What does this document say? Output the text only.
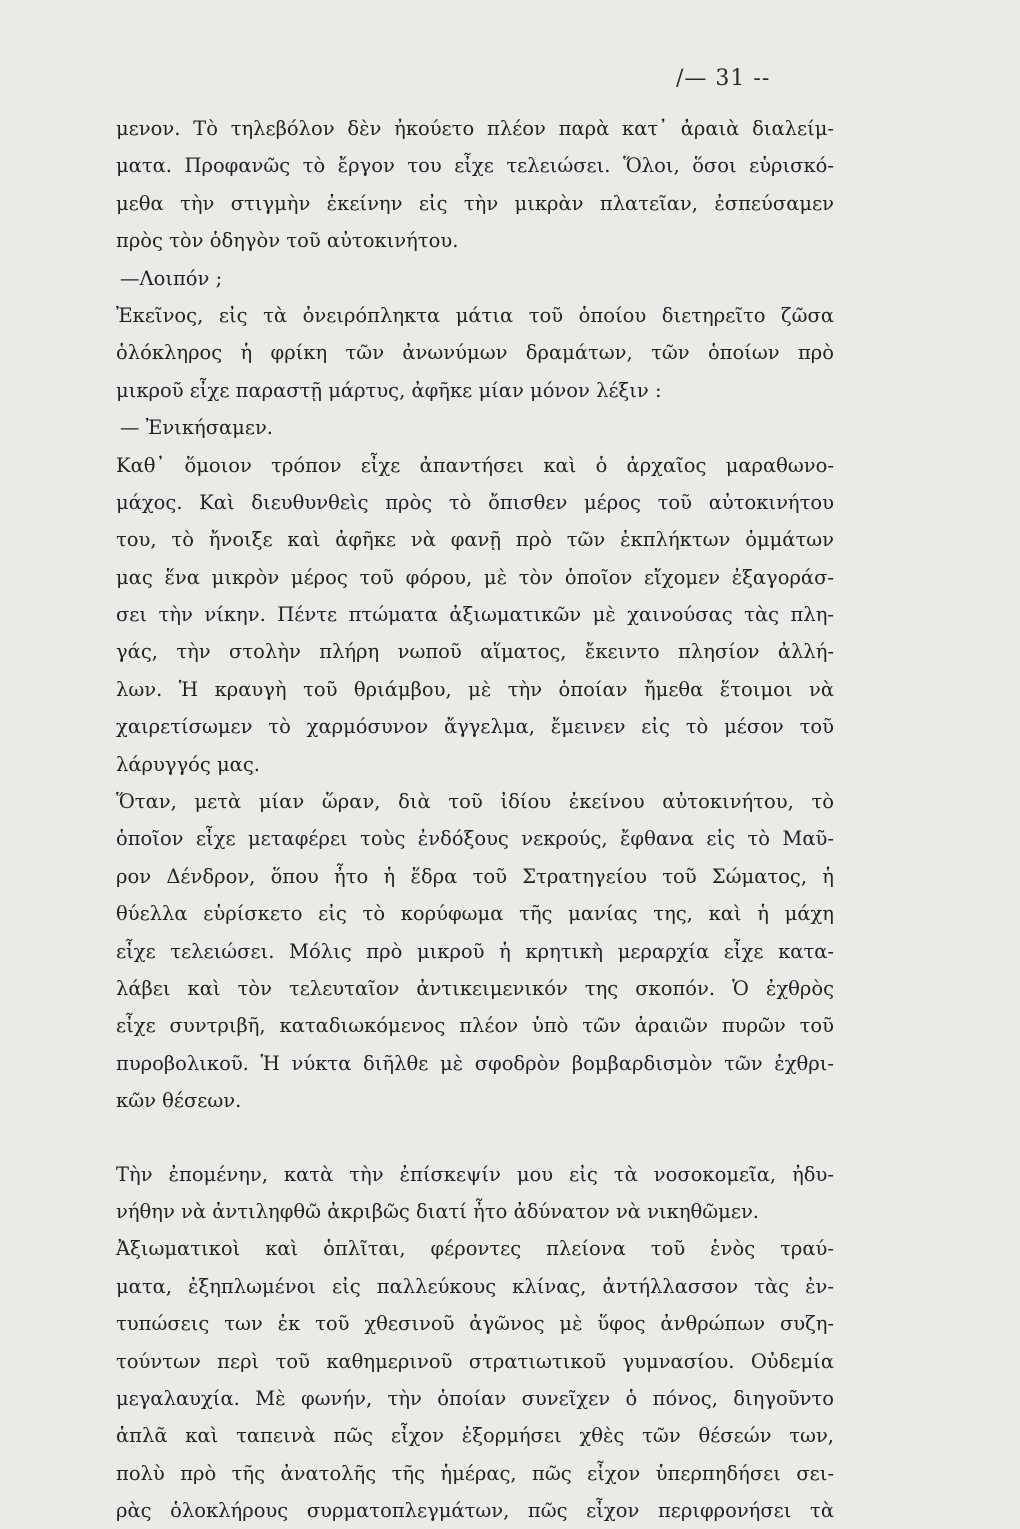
/— 31 --
μενον. Τὸ τηλεβόλον δὲν ἠκούετο πλέον παρὰ κατ᾿ ἀραιὰ διαλείμ-
ματα. Προφανῶς τὸ ἔργον του εἶχε τελειώσει. Ὅλοι, ὅσοι εὑρισκό-
μεθα τὴν στιγμὴν ἐκείνην εἰς τὴν μικρὰν πλατεῖαν, ἐσπεύσαμεν
πρὸς τὸν ὁδηγὸν τοῦ αὐτοκινήτου.
—Λοιπόν ;
Ἐκεῖνος, εἰς τὰ ὀνειρόπληκτα μάτια τοῦ ὁποίου διετηρεῖτο ζῶσα
ὁλόκληρος ἡ φρίκη τῶν ἀνωνύμων δραμάτων, τῶν ὁποίων πρὸ
μικροῦ εἶχε παραστῇ μάρτυς, ἀφῆκε μίαν μόνον λέξιν :
— Ἐνικήσαμεν.
Καθ᾿ ὅμοιον τρόπον εἶχε ἀπαντήσει καὶ ὁ ἀρχαῖος μαραθωνο-
μάχος. Καὶ διευθυνθεὶς πρὸς τὸ ὄπισθεν μέρος τοῦ αὐτοκινήτου
του, τὸ ἤνοιξε καὶ ἀφῆκε νὰ φανῇ πρὸ τῶν ἐκπλήκτων ὀμμάτων
μας ἕνα μικρὸν μέρος τοῦ φόρου, μὲ τὸν ὁποῖον εἴχομεν ἐξαγοράσ-
σει τὴν νίκην. Πέντε πτώματα ἀξιωματικῶν μὲ χαινούσας τὰς πλη-
γάς, τὴν στολὴν πλήρη νωποῦ αἵματος, ἔκειντο πλησίον ἀλλή-
λων. Ἡ κραυγὴ τοῦ θριάμβου, μὲ τὴν ὁποίαν ἤμεθα ἕτοιμοι νὰ
χαιρετίσωμεν τὸ χαρμόσυνον ἄγγελμα, ἔμεινεν εἰς τὸ μέσον τοῦ
λάρυγγός μας.
Ὅταν, μετὰ μίαν ὥραν, διὰ τοῦ ἰδίου ἐκείνου αὐτοκινήτου, τὸ
ὁποῖον εἶχε μεταφέρει τοὺς ἐνδόξους νεκρούς, ἔφθανα εἰς τὸ Μαῦ-
ρον Δένδρον, ὅπου ἦτο ἡ ἕδρα τοῦ Στρατηγείου τοῦ Σώματος, ἡ
θύελλα εὑρίσκετο εἰς τὸ κορύφωμα τῆς μανίας της, καὶ ἡ μάχη
εἶχε τελειώσει. Μόλις πρὸ μικροῦ ἡ κρητικὴ μεραρχία εἶχε κατα-
λάβει καὶ τὸν τελευταῖον ἀντικειμενικόν της σκοπόν. Ὁ ἐχθρὸς
εἶχε συντριβῆ, καταδιωκόμενος πλέον ὑπὸ τῶν ἀραιῶν πυρῶν τοῦ
πυροβολικοῦ. Ἡ νύκτα διῆλθε μὲ σφοδρὸν βομβαρδισμὸν τῶν ἐχθρι-
κῶν θέσεων.
Τὴν ἐπομένην, κατὰ τὴν ἐπίσκεψίν μου εἰς τὰ νοσοκομεῖα, ἠδυ-
νήθην νὰ ἀντιληφθῶ ἀκριβῶς διατί ἦτο ἀδύνατον νὰ νικηθῶμεν.
Ἀξιωματικοὶ καὶ ὁπλῖται, φέροντες πλείονα τοῦ ἑνὸς τραύ-
ματα, ἐξηπλωμένοι εἰς παλλεύκους κλίνας, ἀντήλλασσον τὰς ἐν-
τυπώσεις των ἐκ τοῦ χθεσινοῦ ἀγῶνος μὲ ὕφος ἀνθρώπων συζη-
τούντων περὶ τοῦ καθημερινοῦ στρατιωτικοῦ γυμνασίου. Οὐδεμία
μεγαλαυχία. Μὲ φωνήν, τὴν ὁποίαν συνεῖχεν ὁ πόνος, διηγοῦντο
ἁπλᾶ καὶ ταπεινὰ πῶς εἶχον ἐξορμήσει χθὲς τῶν θέσεών των,
πολὺ πρὸ τῆς ἀνατολῆς τῆς ἡμέρας, πῶς εἶχον ὑπερπηδήσει σει-
ρὰς ὁλοκλήρους συρματοπλεγμάτων, πῶς εἶχον περιφρονήσει τὰ
